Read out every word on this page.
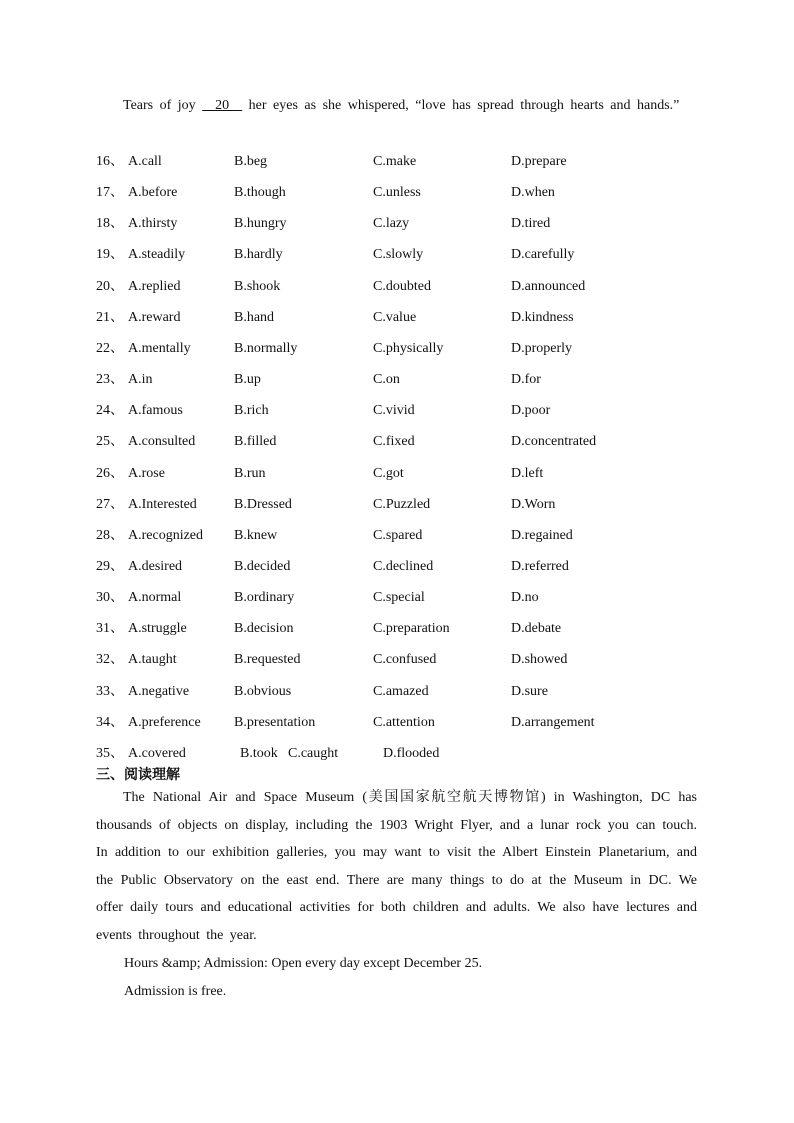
Tears of joy   20   her eyes as she whispered, “love has spread through hearts and hands.”
16、 A.call	B.beg	C.make	D.prepare
17、 A.before	B.though	C.unless	D.when
18、 A.thirsty	B.hungry	C.lazy	D.tired
19、 A.steadily	B.hardly	C.slowly	D.carefully
20、 A.replied	B.shook	C.doubted	D.announced
21、 A.reward	B.hand	C.value	D.kindness
22、 A.mentally	B.normally	C.physically	D.properly
23、 A.in	B.up	C.on	D.for
24、 A.famous	B.rich	C.vivid	D.poor
25、 A.consulted	B.filled	C.fixed	D.concentrated
26、 A.rose	B.run	C.got	D.left
27、 A.Interested	B.Dressed	C.Puzzled	D.Worn
28、 A.recognized B.knew	C.spared	D.regained
29、 A.desired	B.decided	C.declined	D.referred
30、 A.normal	B.ordinary	C.special	D.no
31、 A.struggle	B.decision	C.preparation	D.debate
32、 A.taught	B.requested	C.confused	D.showed
33、 A.negative	B.obvious	C.amazed	D.sure
34、 A.preference B.presentation	C.attention	D.arrangement
35、 A.covered	B.took C.caught	D.flooded
三、阅读理解
The National Air and Space Museum (美国国家航空航天博物馆) in Washington, DC has thousands of objects on display, including the 1903 Wright Flyer, and a lunar rock you can touch. In addition to our exhibition galleries, you may want to visit the Albert Einstein Planetarium, and the Public Observatory on the east end. There are many things to do at the Museum in DC. We offer daily tours and educational activities for both children and adults. We also have lectures and events throughout the year.
Hours &amp; Admission: Open every day except December 25.
Admission is free.
